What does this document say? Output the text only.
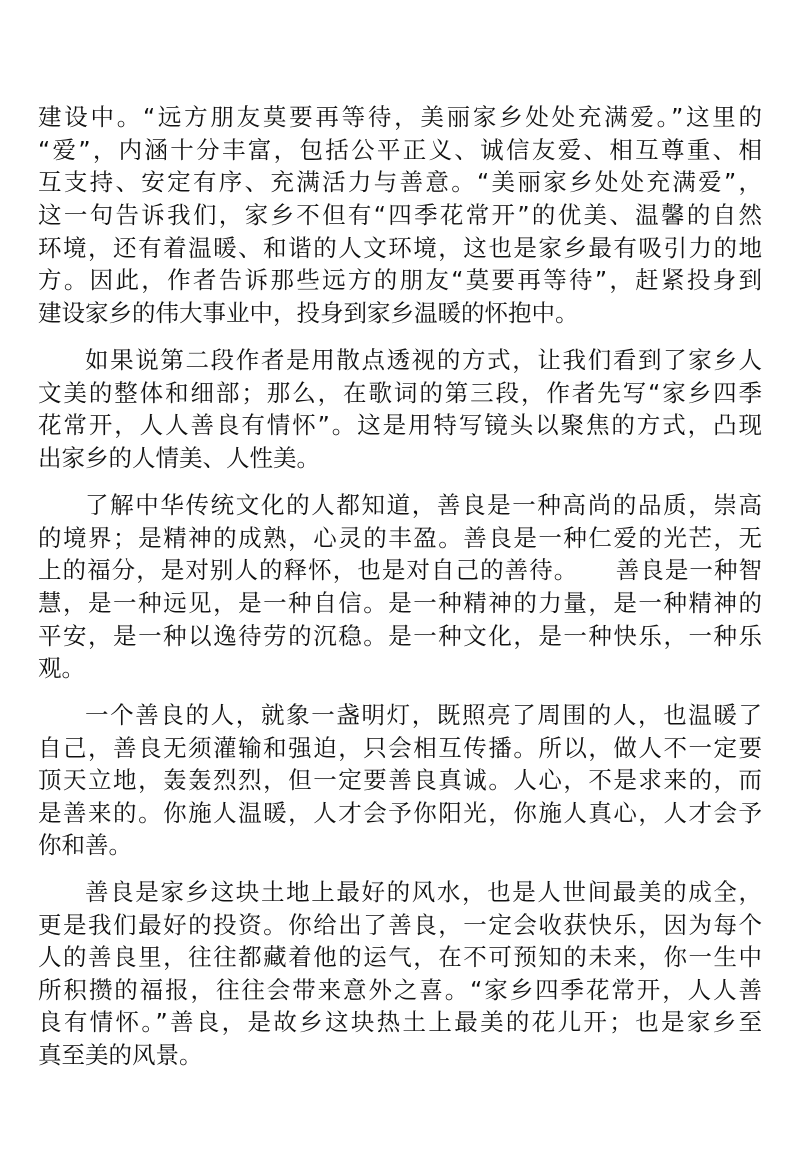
建设中。“远方朋友莫要再等待，美丽家乡处处充满爱。”这里的
“爱”，内涵十分丰富，包括公平正义、诚信友爱、相互尊重、相
互支持、安定有序、充满活力与善意。“美丽家乡处处充满爱”，
这一句告诉我们，家乡不但有“四季花常开”的优美、温馨的自然
环境，还有着温暖、和谐的人文环境，这也是家乡最有吸引力的地
方。因此，作者告诉那些远方的朋友“莫要再等待”，赶紧投身到
建设家乡的伟大事业中，投身到家乡温暖的怀抱中。
如果说第二段作者是用散点透视的方式，让我们看到了家乡人
文美的整体和细部；那么，在歌词的第三段，作者先写“家乡四季
花常开，人人善良有情怀”。这是用特写镜头以聚焦的方式，凸现
出家乡的人情美、人性美。
了解中华传统文化的人都知道，善良是一种高尚的品质，崇高
的境界；是精神的成熟，心灵的丰盈。善良是一种仁爱的光芒，无
上的福分，是对别人的释怀，也是对自己的善待。　　善良是一种智
慧，是一种远见，是一种自信。是一种精神的力量，是一种精神的
平安，是一种以逸待劳的沉稳。是一种文化，是一种快乐，一种乐
观。
一个善良的人，就象一盏明灯，既照亮了周围的人，也温暖了
自己，善良无须灌输和强迫，只会相互传播。所以，做人不一定要
顶天立地，轰轰烈烈，但一定要善良真诚。人心，不是求来的，而
是善来的。你施人温暖，人才会予你阳光，你施人真心，人才会予
你和善。
善良是家乡这块土地上最好的风水，也是人世间最美的成全，
更是我们最好的投资。你给出了善良，一定会收获快乐，因为每个
人的善良里，往往都藏着他的运气，在不可预知的未来，你一生中
所积攒的福报，往往会带来意外之喜。“家乡四季花常开，人人善
良有情怀。”善良，是故乡这块热土上最美的花儿开；也是家乡至
真至美的风景。
